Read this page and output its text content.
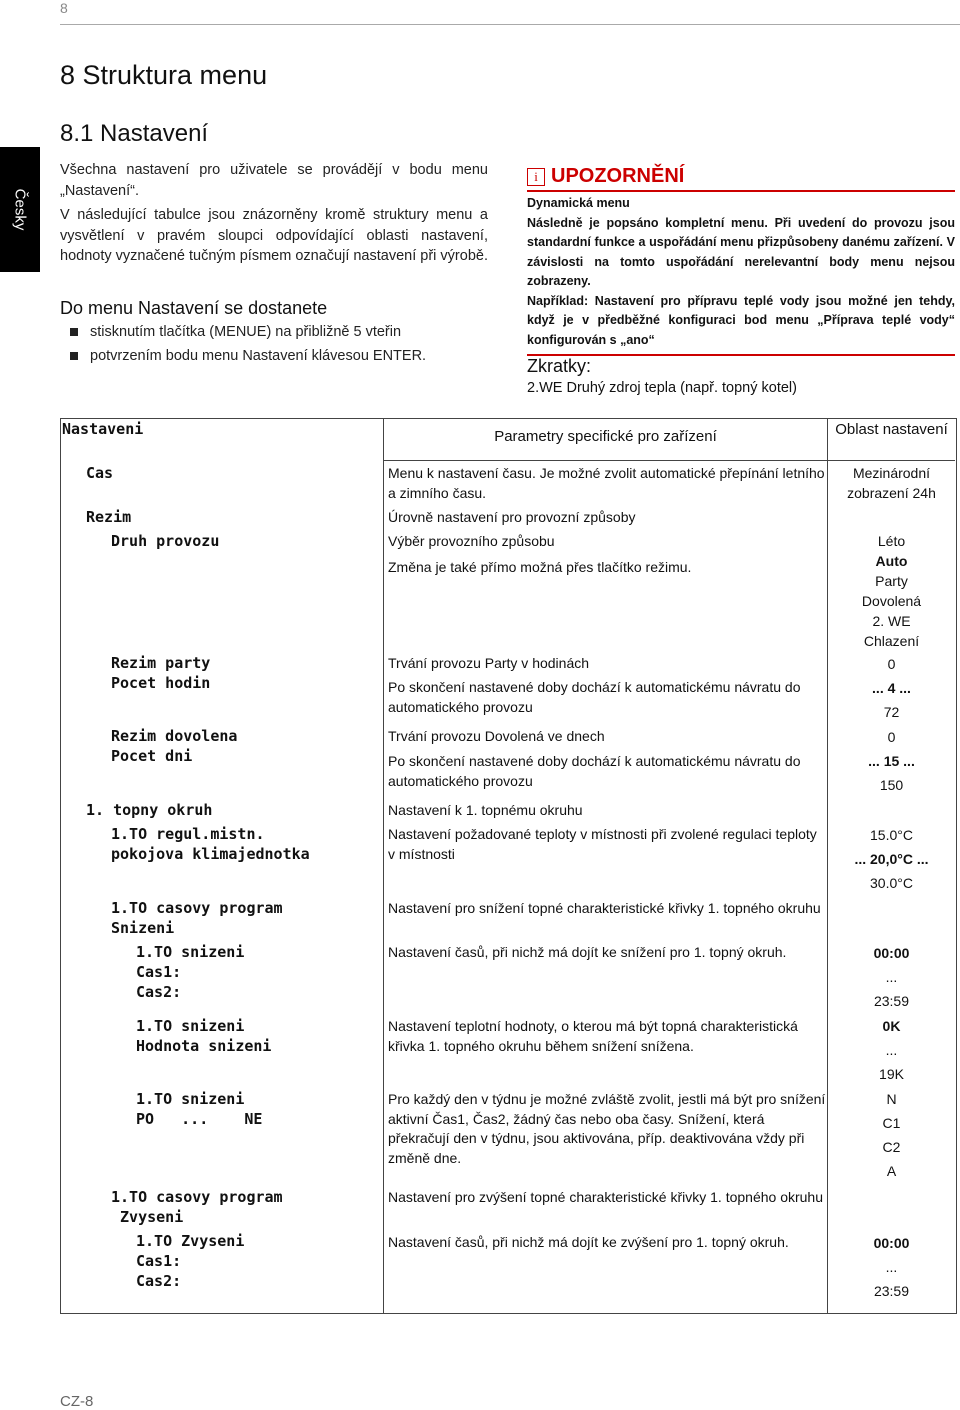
8
Česky
8 Struktura menu
8.1 Nastavení

Všechna nastavení pro uživatele se provádějí v bodu menu „Nastavení“.

V následující tabulce jsou znázorněny kromě struktury menu a vysvětlení v pravém sloupci odpovídající oblasti nastavení, hodnoty vyznačené tučným písmem označují nastavení při výrobě.

Do menu Nastavení se dostanete
stisknutím tlačítka (MENUE) na přibližně 5 vteřin
potvrzením bodu menu Nastavení klávesou ENTER.
i UPOZORNĚNÍ

Dynamická menu

Následně je popsáno kompletní menu. Při uvedení do provozu jsou standardní funkce a uspořádání menu přizpůsobeny danému zařízení. V závislosti na tomto uspořádání nerelevantní body menu nejsou zobrazeny.

Například: Nastavení pro přípravu teplé vody jsou možné jen tehdy, když je v předběžné konfiguraci bod menu „Příprava teplé vody“ konfigurován s „ano“

Zkratky:
2.WE Druhý zdroj tepla (např. topný kotel)
Parametry specifické pro zařízení	Oblast nastavení
Nastaveni
Cas
Rezim
Druh provozu
Rezim party
Pocet hodin
Rezim dovolena
Pocet dni
1. topny okruh
1.TO regul.mistn.
pokojova klimajednotka
1.TO casovy program
Snizeni
1.TO snizeni
Cas1:
Cas2:
1.TO snizeni
Hodnota snizeni
1.TO snizeni
PO   ...    NE
1.TO casovy program
Zvyseni
1.TO Zvyseni
Cas1:
Cas2:
Menu k nastavení času. Je možné zvolit automatické přepínání letního a zimního času.
Úrovně nastavení pro provozní způsoby
Výběr provozního způsobu
Změna je také přímo možná přes tlačítko režimu.
Trvání provozu Party v hodinách
Po skončení nastavené doby dochází k automatickému návratu do automatického provozu
Trvání provozu Dovolená ve dnech
Po skončení nastavené doby dochází k automatickému návratu do automatického provozu
Nastavení k 1. topnému okruhu
Nastavení požadované teploty v místnosti při zvolené regulaci teploty v místnosti
Nastavení pro snížení topné charakteristické křivky 1. topného okruhu
Nastavení časů, při nichž má dojít ke snížení pro 1. topný okruh.
Nastavení teplotní hodnoty, o kterou má být topná charakteristická křivka 1. topného okruhu během snížení snížena.
Pro každý den v týdnu je možné zvláště zvolit, jestli má být pro snížení aktivní Čas1, Čas2, žádný čas nebo oba časy. Snížení, která překračují den v týdnu, jsou aktivována, příp. deaktivována vždy při změně dne.
Nastavení pro zvýšení topné charakteristické křivky 1. topného okruhu
Nastavení časů, při nichž má dojít ke zvýšení pro 1. topný okruh.
Mezinárodní zobrazení 24h
Léto
Auto
Party
Dovolená
2. WE
Chlazení
0
... 4 ...
72
0
... 15 ...
150
15.0°C
... 20,0°C ...
30.0°C
00:00
...
23:59
0K
...
19K
N
C1
C2
A
00:00
...
23:59
CZ-8
